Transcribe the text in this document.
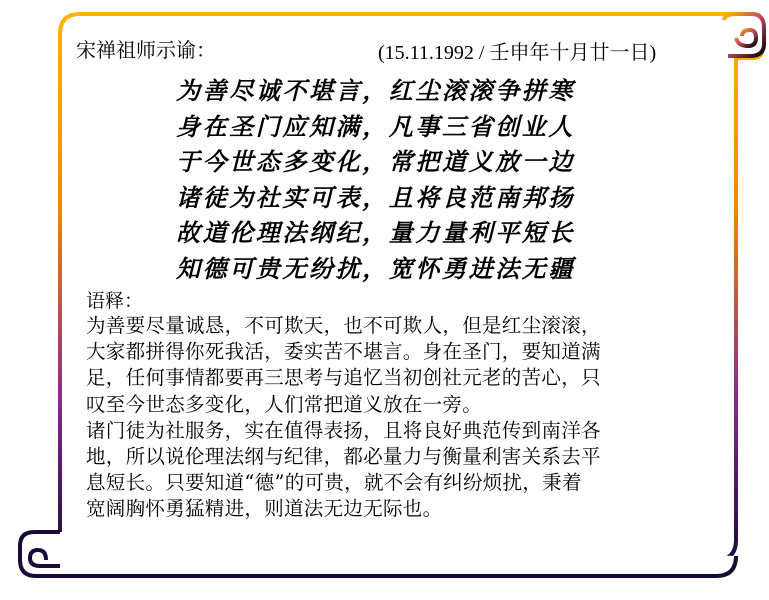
宋禅祖师示谕：	(15.11.1992 / 壬申年十月廿一日)
为善尽诚不堪言，红尘滚滚争拼寒
身在圣门应知满，凡事三省创业人
于今世态多变化，常把道义放一边
诸徒为社实可表，且将良范南邦扬
故道伦理法纲纪，量力量利平短长
知德可贵无纷扰，宽怀勇进法无疆
语释：
为善要尽量诚恳，不可欺天，也不可欺人，但是红尘滚滚，
大家都拼得你死我活，委实苦不堪言。身在圣门，要知道满
足，任何事情都要再三思考与追忆当初创社元老的苦心，只
叹至今世态多变化，人们常把道义放在一旁。
诸门徒为社服务，实在值得表扬，且将良好典范传到南洋各
地，所以说伦理法纲与纪律，都必量力与衡量利害关系去平
息短长。只要知道“德”的可贵，就不会有纠纷烦扰，秉着
宽阔胸怀勇猛精进，则道法无边无际也。
